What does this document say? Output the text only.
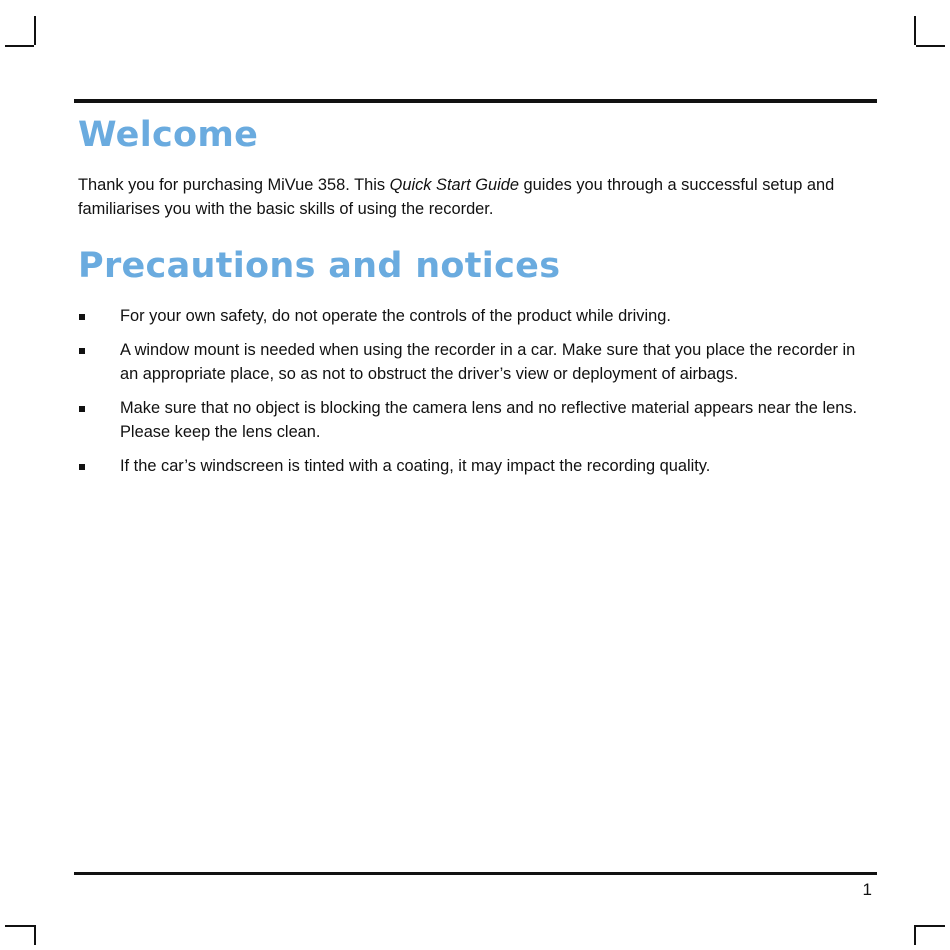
Welcome

Thank you for purchasing MiVue 358. This Quick Start Guide guides you through a successful setup and familiarises you with the basic skills of using the recorder.

Precautions and notices
For your own safety, do not operate the controls of the product while driving.
A window mount is needed when using the recorder in a car. Make sure that you place the recorder in an appropriate place, so as not to obstruct the driver’s view or deployment of airbags.
Make sure that no object is blocking the camera lens and no reflective material appears near the lens. Please keep the lens clean.
If the car’s windscreen is tinted with a coating, it may impact the recording quality.
1
